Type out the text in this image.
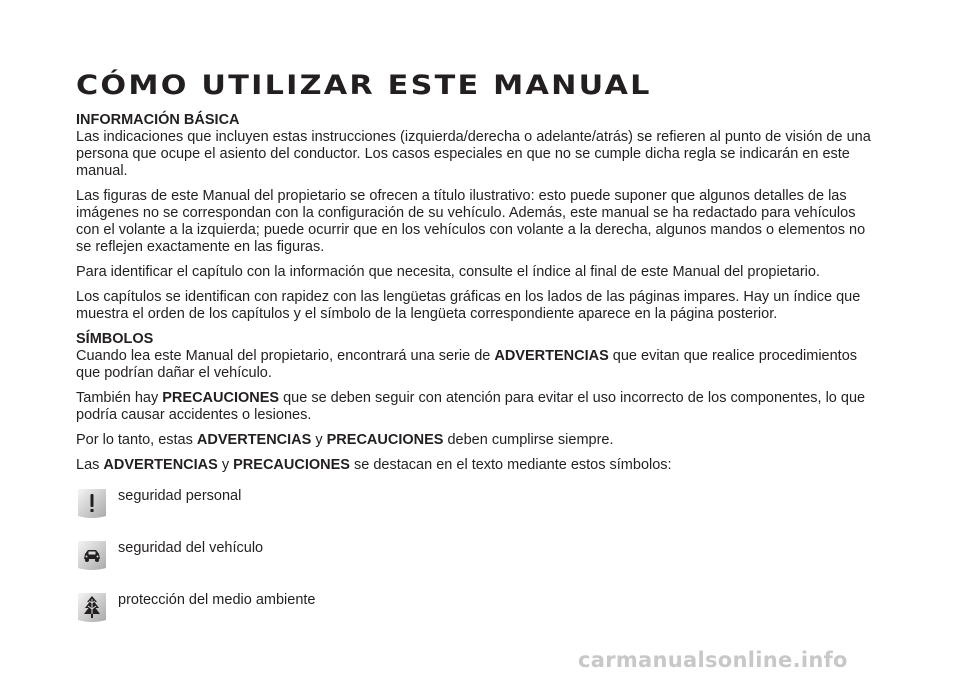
CÓMO UTILIZAR ESTE MANUAL
INFORMACIÓN BÁSICA

Las indicaciones que incluyen estas instrucciones (izquierda/derecha o adelante/atrás) se refieren al punto de visión de una persona que ocupe el asiento del conductor. Los casos especiales en que no se cumple dicha regla se indicarán en este manual.

Las figuras de este Manual del propietario se ofrecen a título ilustrativo: esto puede suponer que algunos detalles de las imágenes no se correspondan con la configuración de su vehículo. Además, este manual se ha redactado para vehículos con el volante a la izquierda; puede ocurrir que en los vehículos con volante a la derecha, algunos mandos o elementos no se reflejen exactamente en las figuras.

Para identificar el capítulo con la información que necesita, consulte el índice al final de este Manual del propietario.

Los capítulos se identifican con rapidez con las lengüetas gráficas en los lados de las páginas impares. Hay un índice que muestra el orden de los capítulos y el símbolo de la lengüeta correspondiente aparece en la página posterior.

SÍMBOLOS

Cuando lea este Manual del propietario, encontrará una serie de ADVERTENCIAS que evitan que realice procedimientos que podrían dañar el vehículo.

También hay PRECAUCIONES que se deben seguir con atención para evitar el uso incorrecto de los componentes, lo que podría causar accidentes o lesiones.

Por lo tanto, estas ADVERTENCIAS y PRECAUCIONES deben cumplirse siempre.

Las ADVERTENCIAS y PRECAUCIONES se destacan en el texto mediante estos símbolos:

seguridad personal
seguridad del vehículo
protección del medio ambiente
carmanualsonline.info
